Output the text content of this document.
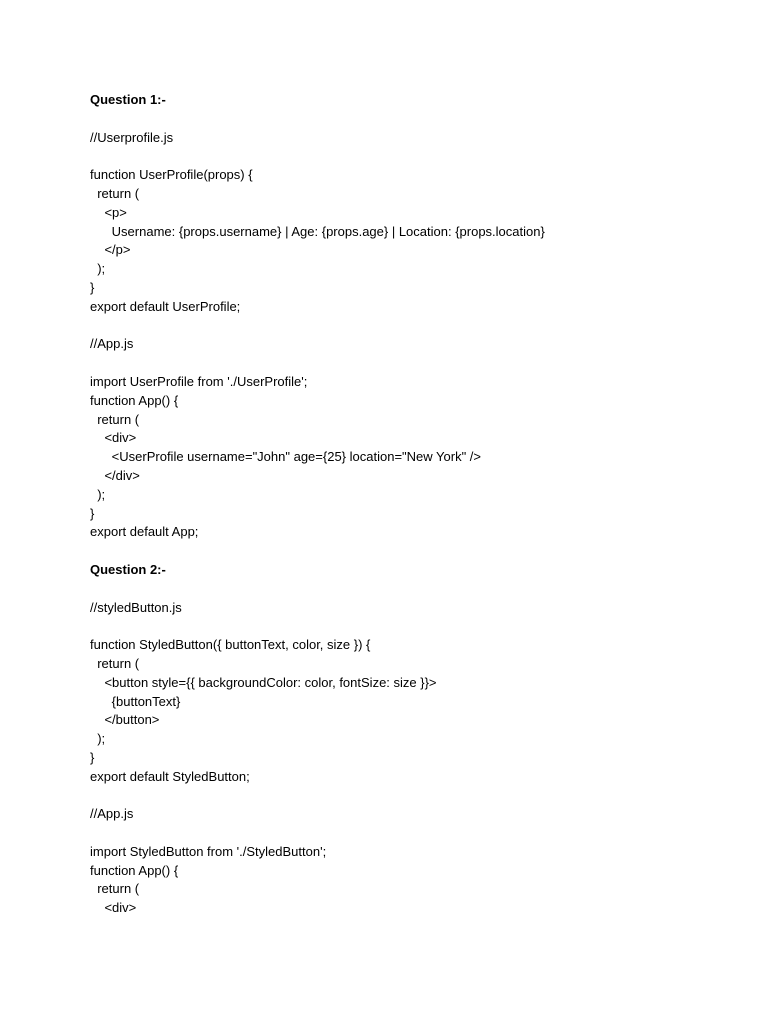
Question 1:-
//Userprofile.js
function UserProfile(props) {
return (
<p>
Username: {props.username} | Age: {props.age} | Location: {props.location}
</p>
);
}
export default UserProfile;
//App.js
import UserProfile from './UserProfile';
function App() {
return (
<div>
<UserProfile username="John" age={25} location="New York" />
</div>
);
}
export default App;
Question 2:-
//styledButton.js
function StyledButton({ buttonText, color, size }) {
return (
<button style={{ backgroundColor: color, fontSize: size }}>
{buttonText}
</button>
);
}
export default StyledButton;
//App.js
import StyledButton from './StyledButton';
function App() {
return (
<div>
